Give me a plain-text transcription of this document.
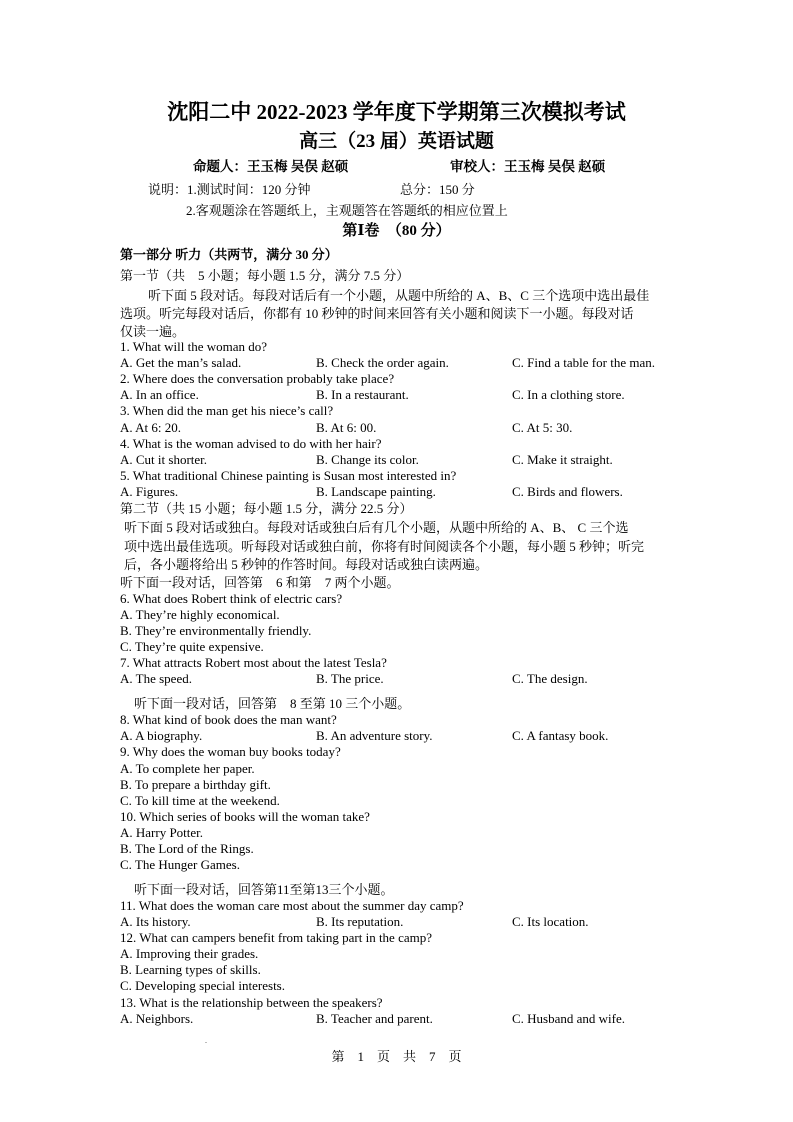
沈阳二中 2022-2023 学年度下学期第三次模拟考试
高三（23 届）英语试题
命题人：王玉梅 吴俣 赵硕	审校人：王玉梅 吴俣 赵硕
说明：1.测试时间：120 分钟	总分：150 分
2.客观题涂在答题纸上，主观题答在答题纸的相应位置上
第Ⅰ卷　（80 分）
第一部分 听力（共两节，满分 30 分）
第一节（共　5 小题；每小题 1.5 分，满分 7.5 分）
听下面 5 段对话。每段对话后有一个小题，从题中所给的 A、B、C 三个选项中选出最佳
选项。听完每段对话后，你都有 10 秒钟的时间来回答有关小题和阅读下一小题。每段对话
仅读一遍。
1. What will the woman do?
A. Get the man’s salad.	B. Check the order again.	C. Find a table for the man.
2. Where does the conversation probably take place?
A. In an office.	B. In a restaurant.	C. In a clothing store.
3. When did the man get his niece’s call?
A. At 6: 20.	B. At 6: 00.	C. At 5: 30.
4. What is the woman advised to do with her hair?
A. Cut it shorter.	B. Change its color.	C. Make it straight.
5. What traditional Chinese painting is Susan most interested in?
A. Figures.	B. Landscape painting.	C. Birds and flowers.
第二节（共 15 小题；每小题 1.5 分，满分 22.5 分）
听下面 5 段对话或独白。每段对话或独白后有几个小题，从题中所给的 A、B、 C 三个选
项中选出最佳选项。听每段对话或独白前，你将有时间阅读各个小题，每小题 5 秒钟；听完
后，各小题将给出 5 秒钟的作答时间。每段对话或独白读两遍。
听下面一段对话，回答第　6 和第　7 两个小题。
6. What does Robert think of electric cars?
A. They’re highly economical.
B. They’re environmentally friendly.
C. They’re quite expensive.
7. What attracts Robert most about the latest Tesla?
A. The speed.	B. The price.	C. The design.
听下面一段对话，回答第　8 至第 10 三个小题。
8. What kind of book does the man want?
A. A biography.	B. An adventure story.	C. A fantasy book.
9. Why does the woman buy books today?
A. To complete her paper.
B. To prepare a birthday gift.
C. To kill time at the weekend.
10. Which series of books will the woman take?
A. Harry Potter.
B. The Lord of the Rings.
C. The Hunger Games.
听下面一段对话，回答第11至第13三个小题。
11. What does the woman care most about the summer day camp?
A. Its history.	B. Its reputation.	C. Its location.
12. What can campers benefit from taking part in the camp?
A. Improving their grades.
B. Learning types of skills.
C. Developing special interests.
13. What is the relationship between the speakers?
A. Neighbors.	B. Teacher and parent.	C. Husband and wife.
第　1　页　共　7　页
